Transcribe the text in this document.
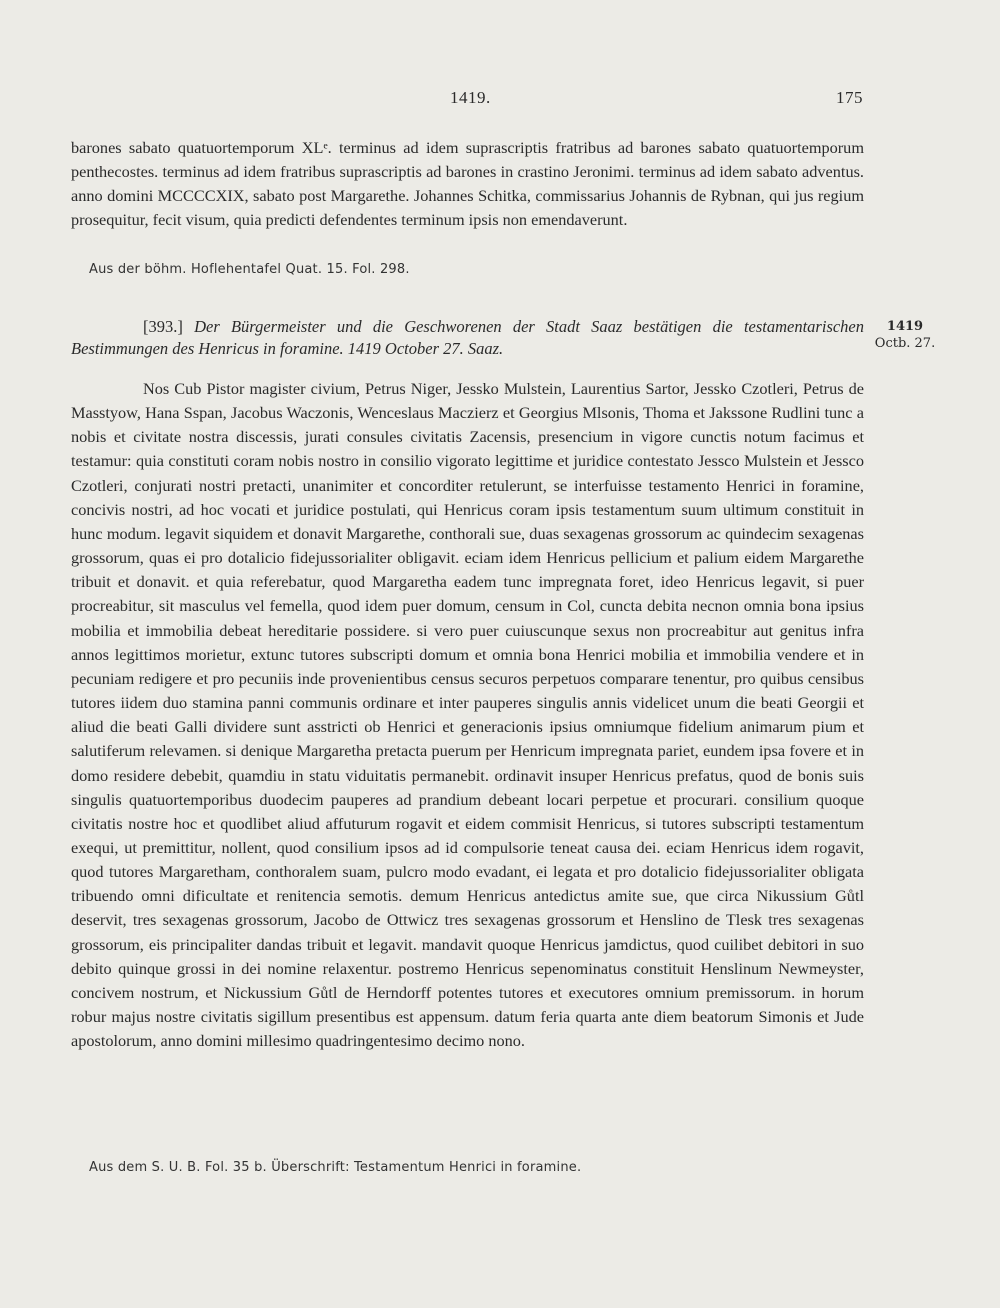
1419.	175

barones sabato quatuortemporum XLᵉ. terminus ad idem suprascriptis fratribus ad barones sabato quatuortemporum penthecostes. terminus ad idem fratribus suprascriptis ad barones in crastino Jeronimi. terminus ad idem sabato adventus. anno domini MCCCCXIX, sabato post Margarethe. Johannes Schitka, commissarius Johannis de Rybnan, qui jus regium prosequitur, fecit visum, quia predicti defendentes terminum ipsis non emendaverunt.

Aus der böhm. Hoflehentafel Quat. 15. Fol. 298.
[393.] Der Bürgermeister und die Geschworenen der Stadt Saaz bestätigen die testamentarischen Bestimmungen des Henricus in foramine. 1419 October 27. Saaz.
1419
Octb. 27.

Nos Cub Pistor magister civium, Petrus Niger, Jessko Mulstein, Laurentius Sartor, Jessko Czotleri, Petrus de Masstyow, Hana Sspan, Jacobus Waczonis, Wenceslaus Maczierz et Georgius Mlsonis, Thoma et Jakssone Rudlini tunc a nobis et civitate nostra discessis, jurati consules civitatis Zacensis, presencium in vigore cunctis notum facimus et testamur: quia constituti coram nobis nostro in consilio vigorato legittime et juridice contestato Jessco Mulstein et Jessco Czotleri, conjurati nostri pretacti, unanimiter et concorditer retulerunt, se interfuisse testamento Henrici in foramine, concivis nostri, ad hoc vocati et juridice postulati, qui Henricus coram ipsis testamentum suum ultimum constituit in hunc modum. legavit siquidem et donavit Margarethe, conthorali sue, duas sexagenas grossorum ac quindecim sexagenas grossorum, quas ei pro dotalicio fidejussorialiter obligavit. eciam idem Henricus pellicium et palium eidem Margarethe tribuit et donavit. et quia referebatur, quod Margaretha eadem tunc impregnata foret, ideo Henricus legavit, si puer procreabitur, sit masculus vel femella, quod idem puer domum, censum in Col, cuncta debita necnon omnia bona ipsius mobilia et immobilia debeat hereditarie possidere. si vero puer cuiuscunque sexus non procreabitur aut genitus infra annos legittimos morietur, extunc tutores subscripti domum et omnia bona Henrici mobilia et immobilia vendere et in pecuniam redigere et pro pecuniis inde provenientibus census securos perpetuos comparare tenentur, pro quibus censibus tutores iidem duo stamina panni communis ordinare et inter pauperes singulis annis videlicet unum die beati Georgii et aliud die beati Galli dividere sunt asstricti ob Henrici et generacionis ipsius omniumque fidelium animarum pium et salutiferum relevamen. si denique Margaretha pretacta puerum per Henricum impregnata pariet, eundem ipsa fovere et in domo residere debebit, quamdiu in statu viduitatis permanebit. ordinavit insuper Henricus prefatus, quod de bonis suis singulis quatuortemporibus duodecim pauperes ad prandium debeant locari perpetue et procurari. consilium quoque civitatis nostre hoc et quodlibet aliud affuturum rogavit et eidem commisit Henricus, si tutores subscripti testamentum exequi, ut premittitur, nollent, quod consilium ipsos ad id compulsorie teneat causa dei. eciam Henricus idem rogavit, quod tutores Margaretham, conthoralem suam, pulcro modo evadant, ei legata et pro dotalicio fidejussorialiter obligata tribuendo omni dificultate et renitencia semotis. demum Henricus antedictus amite sue, que circa Nikussium Gůtl deservit, tres sexagenas grossorum, Jacobo de Ottwicz tres sexagenas grossorum et Henslino de Tlesk tres sexagenas grossorum, eis principaliter dandas tribuit et legavit. mandavit quoque Henricus jamdictus, quod cuilibet debitori in suo debito quinque grossi in dei nomine relaxentur. postremo Henricus sepenominatus constituit Henslinum Newmeyster, concivem nostrum, et Nickussium Gůtl de Herndorff potentes tutores et executores omnium premissorum. in horum robur majus nostre civitatis sigillum presentibus est appensum. datum feria quarta ante diem beatorum Simonis et Jude apostolorum, anno domini millesimo quadringentesimo decimo nono.

Aus dem S. U. B. Fol. 35 b. Überschrift: Testamentum Henrici in foramine.
